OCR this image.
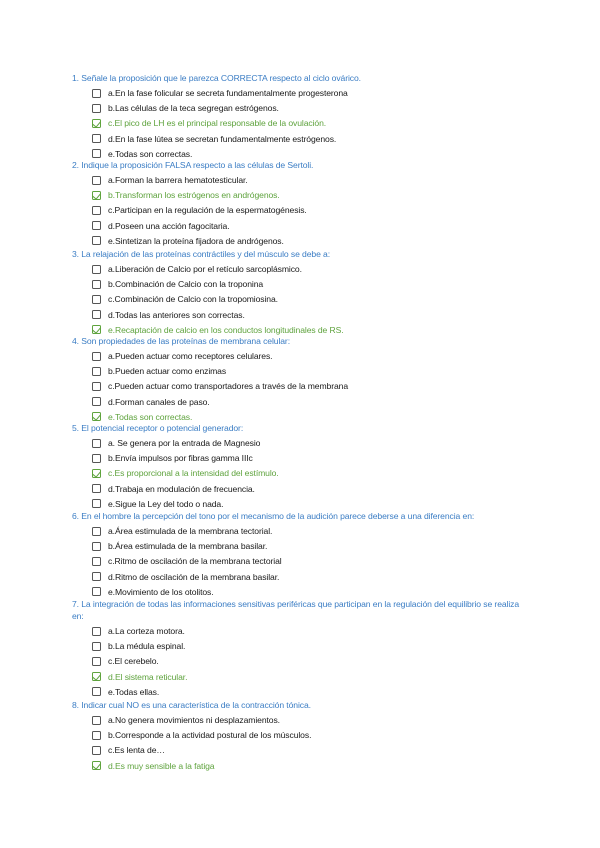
1. Señale la proposición que le parezca CORRECTA respecto al ciclo ovárico.
a.En la fase folicular se secreta fundamentalmente progesterona
b.Las células de la teca segregan estrógenos.
c.El pico de LH es el principal responsable de la ovulación.
d.En la fase lútea se secretan fundamentalmente estrógenos.
e.Todas son correctas.
2. Indique la proposición FALSA respecto a las células de Sertoli.
a.Forman la barrera hematotesticular.
b.Transforman los estrógenos en andrógenos.
c.Participan en la regulación de la espermatogénesis.
d.Poseen una acción fagocitaria.
e.Sintetizan la proteína fijadora de andrógenos.
3. La relajación de las proteínas contráctiles y del músculo se debe a:
a.Liberación de Calcio por el retículo sarcoplásmico.
b.Combinación de Calcio con la troponina
c.Combinación de Calcio con la tropomiosina.
d.Todas las anteriores son correctas.
e.Recaptación de calcio en los conductos longitudinales de RS.
4. Son propiedades de las proteínas de membrana celular:
a.Pueden actuar como receptores celulares.
b.Pueden actuar como enzimas
c.Pueden actuar como transportadores a través de la membrana
d.Forman canales de paso.
e.Todas son correctas.
5. El potencial receptor o potencial generador:
a. Se genera por la entrada de Magnesio
b.Envía impulsos por fibras gamma IIIc
c.Es proporcional a la intensidad del estímulo.
d.Trabaja en modulación de frecuencia.
e.Sigue la Ley del todo o nada.
6. En el hombre la percepción del tono por el mecanismo de la audición parece deberse a una diferencia en:
a.Área estimulada de la membrana tectorial.
b.Área estimulada de la membrana basilar.
c.Ritmo de oscilación de la membrana tectorial
d.Ritmo de oscilación de la membrana basilar.
e.Movimiento de los otolitos.
7. La integración de todas las informaciones sensitivas periféricas que participan en la regulación del equilibrio se realiza en:
a.La corteza motora.
b.La médula espinal.
c.El cerebelo.
d.El sistema reticular.
e.Todas ellas.
8. Indicar cual NO es una característica de la contracción tónica.
a.No genera movimientos ni desplazamientos.
b.Corresponde a la actividad postural de los músculos.
c.Es lenta de…
d.Es muy sensible a la fatiga
